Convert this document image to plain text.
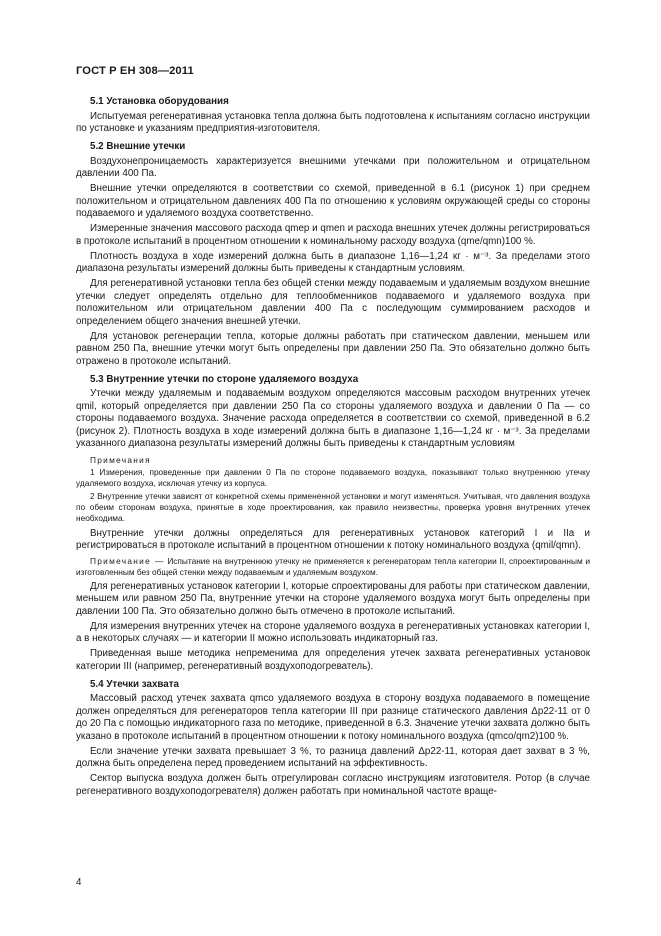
ГОСТ Р ЕН 308—2011
5.1 Установка оборудования
Испытуемая регенеративная установка тепла должна быть подготовлена к испытаниям согласно инструкции по установке и указаниям предприятия-изготовителя.
5.2 Внешние утечки
Воздухонепроницаемость характеризуется внешними утечками при положительном и отрицательном давлении 400 Па.
Внешние утечки определяются в соответствии со схемой, приведенной в 6.1 (рисунок 1) при среднем положительном и отрицательном давлениях 400 Па по отношению к условиям окружающей среды со стороны подаваемого и удаляемого воздуха соответственно.
Измеренные значения массового расхода qmep и qmen и расхода внешних утечек должны регистрироваться в протоколе испытаний в процентном отношении к номинальному расходу воздуха (qme/qmn)100 %.
Плотность воздуха в ходе измерений должна быть в диапазоне 1,16—1,24 кг · м⁻³. За пределами этого диапазона результаты измерений должны быть приведены к стандартным условиям.
Для регенеративной установки тепла без общей стенки между подаваемым и удаляемым воздухом внешние утечки следует определять отдельно для теплообменников подаваемого и удаляемого воздуха при положительном или отрицательном давлении 400 Па с последующим суммированием расходов и определением общего значения внешней утечки.
Для установок регенерации тепла, которые должны работать при статическом давлении, меньшем или равном 250 Па, внешние утечки могут быть определены при давлении 250 Па. Это обязательно должно быть отражено в протоколе испытаний.
5.3 Внутренние утечки по стороне удаляемого воздуха
Утечки между удаляемым и подаваемым воздухом определяются массовым расходом внутренних утечек qmil, который определяется при давлении 250 Па со стороны удаляемого воздуха и давлении 0 Па — со стороны подаваемого воздуха. Значение расхода определяется в соответствии со схемой, приведенной в 6.2 (рисунок 2). Плотность воздуха в ходе измерений должна быть в диапазоне 1,16—1,24 кг · м⁻³. За пределами указанного диапазона результаты измерений должны быть приведены к стандартным условиям
Примечания
1 Измерения, проведенные при давлении 0 Па по стороне подаваемого воздуха, показывают только внутреннюю утечку удаляемого воздуха, исключая утечку из корпуса.
2 Внутренние утечки зависят от конкретной схемы примененной установки и могут изменяться. Учитывая, что давления воздуха по обеим сторонам воздуха, принятые в ходе проектирования, как правило неизвестны, проверка уровня внутренних утечек необходима.
Внутренние утечки должны определяться для регенеративных установок категорий I и IIа и регистрироваться в протоколе испытаний в процентном отношении к потоку номинального воздуха (qmil/qmn).
Примечание — Испытание на внутреннюю утечку не применяется к регенераторам тепла категории II, спроектированным и изготовленным без общей стенки между подаваемым и удаляемым воздухом.
Для регенеративных установок категории I, которые спроектированы для работы при статическом давлении, меньшем или равном 250 Па, внутренние утечки на стороне удаляемого воздуха могут быть определены при давлении 100 Па. Это обязательно должно быть отмечено в протоколе испытаний.
Для измерения внутренних утечек на стороне удаляемого воздуха в регенеративных установках категории I, а в некоторых случаях — и категории II можно использовать индикаторный газ.
Приведенная выше методика непременима для определения утечек захвата регенеративных установок категории III (например, регенеративный воздухоподогреватель).
5.4 Утечки захвата
Массовый расход утечек захвата qmco удаляемого воздуха в сторону воздуха подаваемого в помещение должен определяться для регенераторов тепла категории III при разнице статического давления Δp22-11 от 0 до 20 Па с помощью индикаторного газа по методике, приведенной в 6.3. Значение утечки захвата должно быть указано в протоколе испытаний в процентном отношении к потоку номинального воздуха (qmco/qm2)100 %.
Если значение утечки захвата превышает 3 %, то разница давлений Δp22-11, которая дает захват в 3 %, должна быть определена перед проведением испытаний на эффективность.
Сектор выпуска воздуха должен быть отрегулирован согласно инструкциям изготовителя. Ротор (в случае регенеративного воздухоподогревателя) должен работать при номинальной частоте враще-
4
